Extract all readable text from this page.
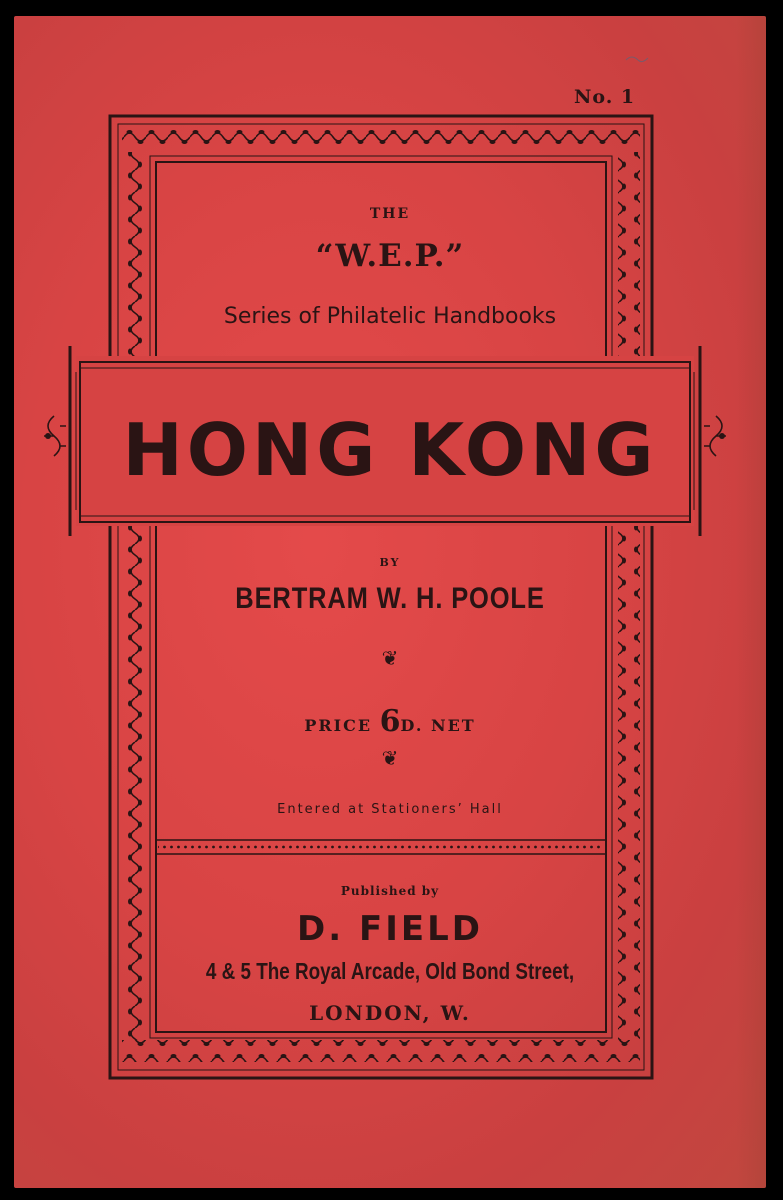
No. 1
THE
“W.E.P.”
Series of Philatelic Handbooks
HONG KONG
BY
BERTRAM W. H. POOLE
❦
PRICE 6D. NET
❦
Entered at Stationers’ Hall
Published by
D. FIELD
4 & 5 The Royal Arcade, Old Bond Street,
LONDON, W.
